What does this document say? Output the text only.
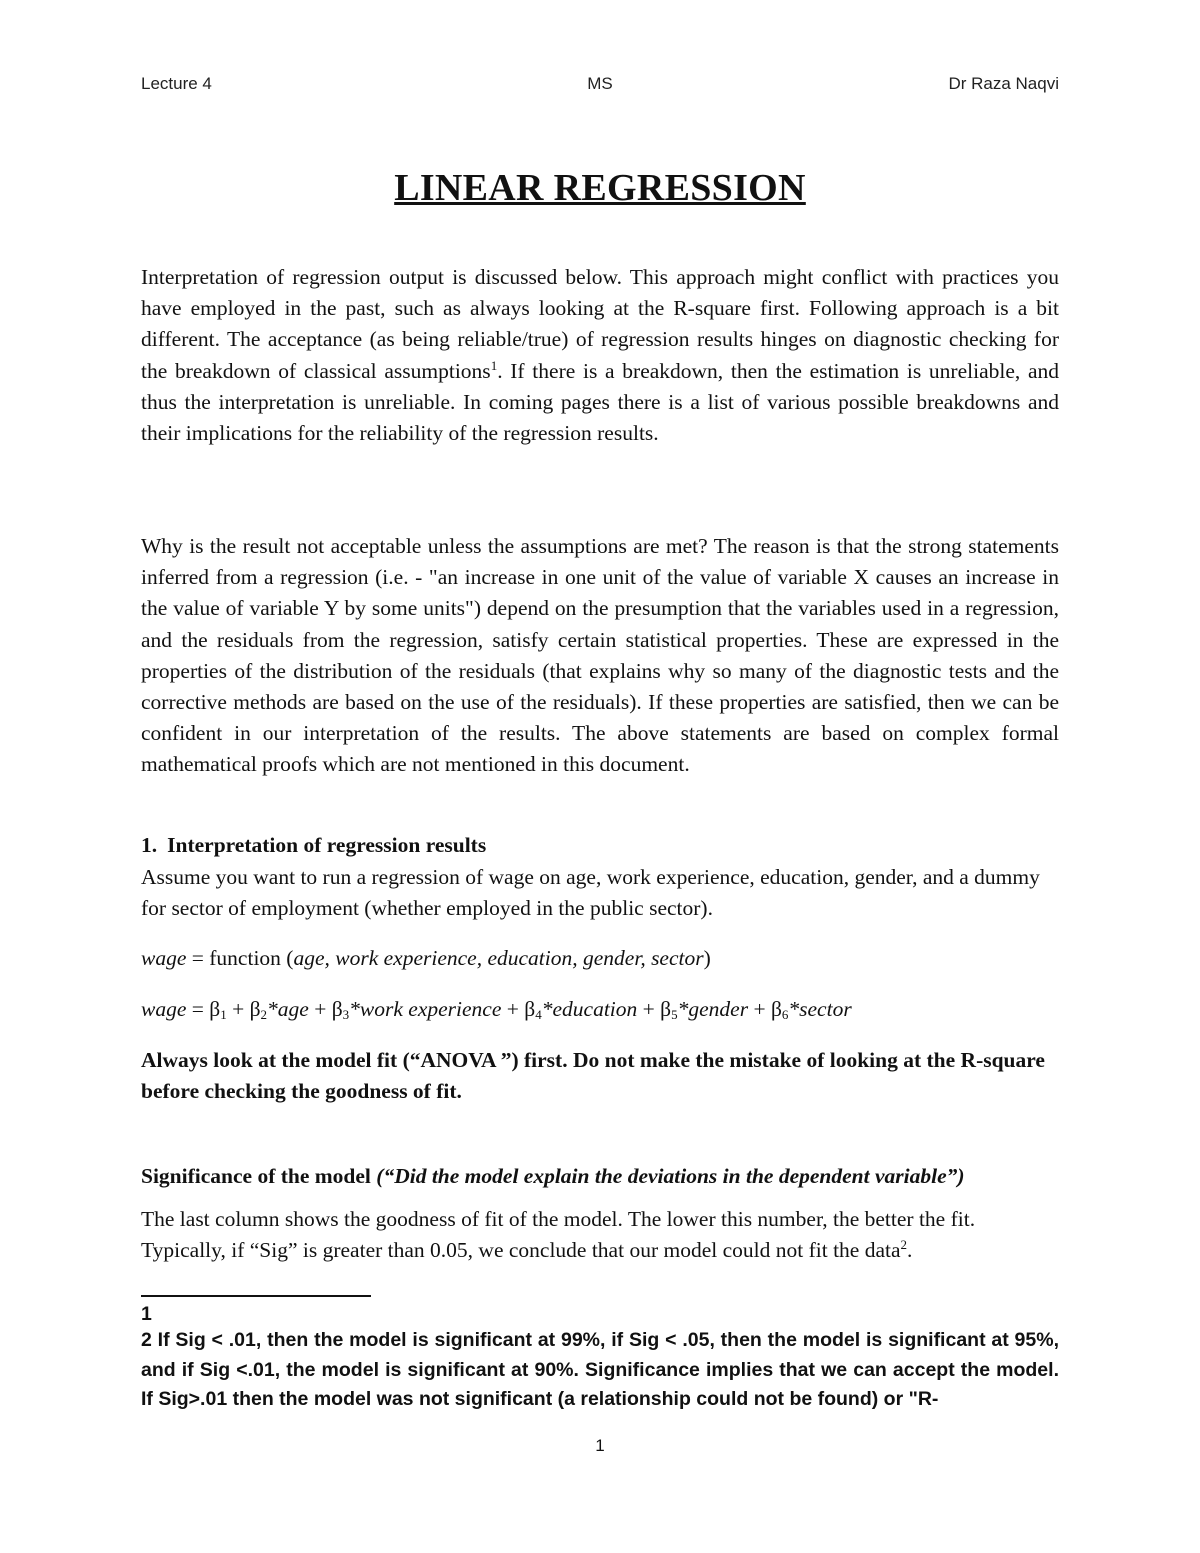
Lecture 4	MS	Dr Raza Naqvi
LINEAR REGRESSION
Interpretation of regression output is discussed below. This approach might conflict with practices you have employed in the past, such as always looking at the R-square first. Following approach is a bit different. The acceptance (as being reliable/true) of regression results hinges on diagnostic checking for the breakdown of classical assumptions$^1$. If there is a breakdown, then the estimation is unreliable, and thus the interpretation is unreliable. In coming pages there is a list of various possible breakdowns and their implications for the reliability of the regression results.
Why is the result not acceptable unless the assumptions are met? The reason is that the strong statements inferred from a regression (i.e. - "an increase in one unit of the value of variable X causes an increase in the value of variable Y by some units") depend on the presumption that the variables used in a regression, and the residuals from the regression, satisfy certain statistical properties. These are expressed in the properties of the distribution of the residuals (that explains why so many of the diagnostic tests and the corrective methods are based on the use of the residuals). If these properties are satisfied, then we can be confident in our interpretation of the results. The above statements are based on complex formal mathematical proofs which are not mentioned in this document.
1. Interpretation of regression results
Assume you want to run a regression of wage on age, work experience, education, gender, and a dummy for sector of employment (whether employed in the public sector).
wage = function (age, work experience, education, gender, sector)
wage = $\beta_1 + \beta_2*age$ + $\beta_3*work$ experience + $\beta_4*education$ + $\beta_5*gender$ + $\beta_6*sector$
Always look at the model fit (“ANOVA ”) first. Do not make the mistake of looking at the R-square before checking the goodness of fit.
Significance of the model (“Did the model explain the deviations in the dependent variable”)
The last column shows the goodness of fit of the model. The lower this number, the better the fit. Typically, if “Sig” is greater than 0.05, we conclude that our model could not fit the data$^2$.
1
2 If Sig < .01, then the model is significant at 99%, if Sig < .05, then the model is significant at 95%, and if Sig <.01, the model is significant at 90%. Significance implies that we can accept the model. If Sig>.01 then the model was not significant (a relationship could not be found) or "R-
1
